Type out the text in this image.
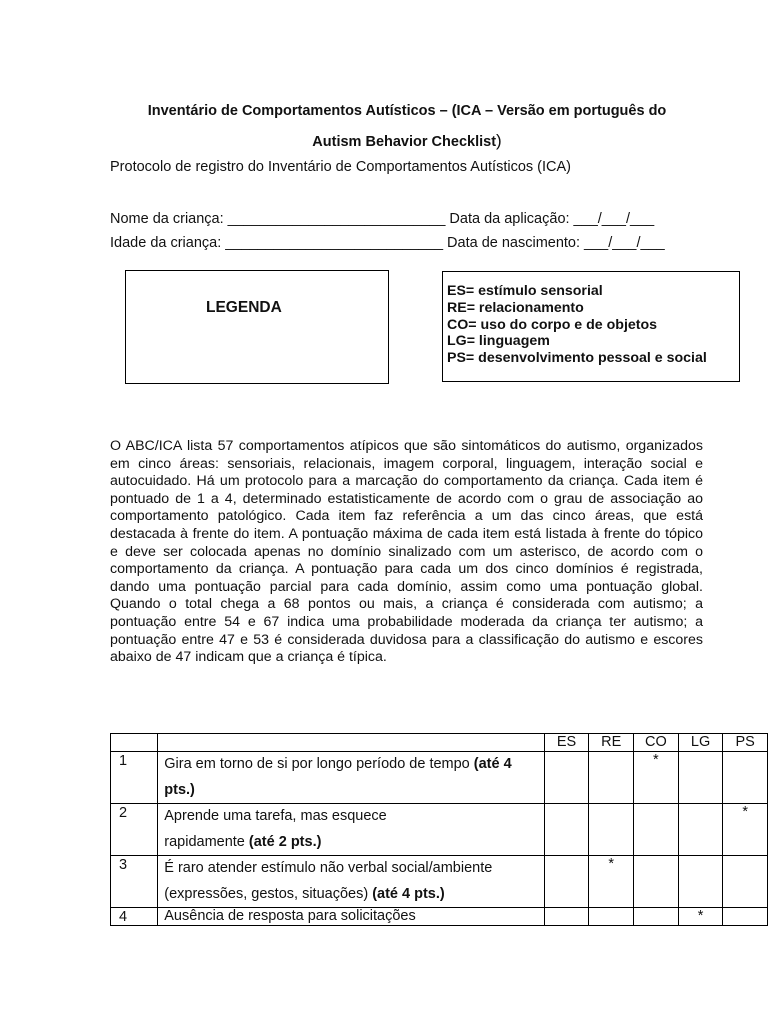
Inventário de Comportamentos Autísticos – (ICA – Versão em português do
Autism Behavior Checklist)
Protocolo de registro do Inventário de Comportamentos Autísticos (ICA)
Nome da criança: ___________________________ Data da aplicação: ___/___/___
Idade da criança: ___________________________ Data de nascimento: ___/___/___
LEGENDA
ES= estímulo sensorial
RE= relacionamento
CO= uso do corpo e de objetos
LG= linguagem
PS= desenvolvimento pessoal e social
O ABC/ICA lista 57 comportamentos atípicos que são sintomáticos do autismo, organizados em cinco áreas: sensoriais, relacionais, imagem corporal, linguagem, interação social e autocuidado. Há um protocolo para a marcação do comportamento da criança. Cada item é pontuado de 1 a 4, determinado estatisticamente de acordo com o grau de associação ao comportamento patológico. Cada item faz referência a um das cinco áreas, que está destacada à frente do item. A pontuação máxima de cada item está listada à frente do tópico e deve ser colocada apenas no domínio sinalizado com um asterisco, de acordo com o comportamento da criança. A pontuação para cada um dos cinco domínios é registrada, dando uma pontuação parcial para cada domínio, assim como uma pontuação global. Quando o total chega a 68 pontos ou mais, a criança é considerada com autismo; a pontuação entre 54 e 67 indica uma probabilidade moderada da criança ter autismo; a pontuação entre 47 e 53 é considerada duvidosa para a classificação do autismo e escores abaixo de 47 indicam que a criança é típica.
		ES	RE	CO	LG	PS
1	Gira em torno de si por longo período de tempo (até 4 pts.)			*		
2	Aprende uma tarefa, mas esquece rapidamente (até 2 pts.)					*
3	É raro atender estímulo não verbal social/ambiente (expressões, gestos, situações) (até 4 pts.)		*			
4	Ausência de resposta para solicitações				*	
